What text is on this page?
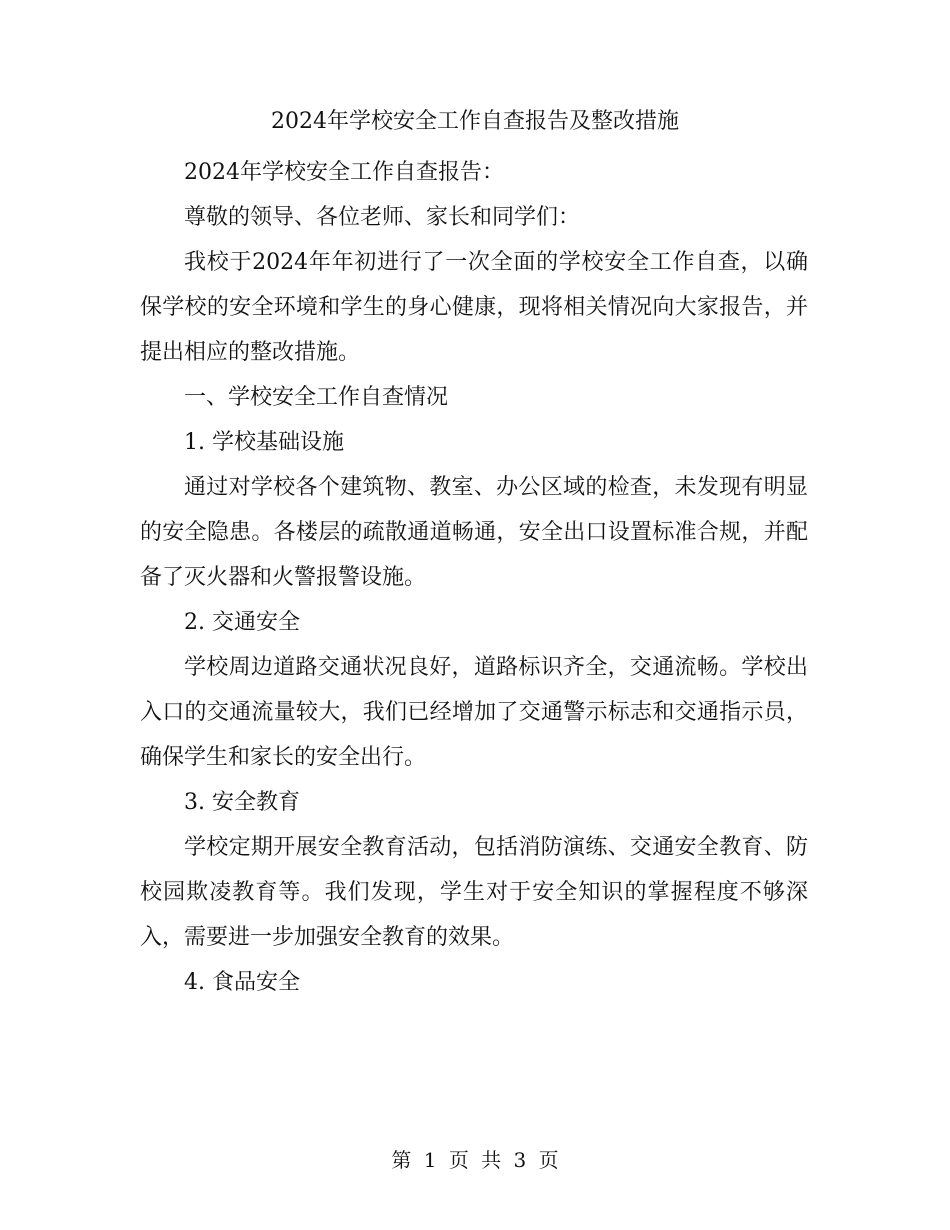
2024年学校安全工作自查报告及整改措施

2024年学校安全工作自查报告：

尊敬的领导、各位老师、家长和同学们：

我校于2024年年初进行了一次全面的学校安全工作自查，以确保学校的安全环境和学生的身心健康，现将相关情况向大家报告，并提出相应的整改措施。

一、学校安全工作自查情况

1. 学校基础设施

通过对学校各个建筑物、教室、办公区域的检查，未发现有明显的安全隐患。各楼层的疏散通道畅通，安全出口设置标准合规，并配备了灭火器和火警报警设施。

2. 交通安全

学校周边道路交通状况良好，道路标识齐全，交通流畅。学校出入口的交通流量较大，我们已经增加了交通警示标志和交通指示员，确保学生和家长的安全出行。

3. 安全教育

学校定期开展安全教育活动，包括消防演练、交通安全教育、防校园欺凌教育等。我们发现，学生对于安全知识的掌握程度不够深入，需要进一步加强安全教育的效果。

4. 食品安全

第 1 页 共 3 页
